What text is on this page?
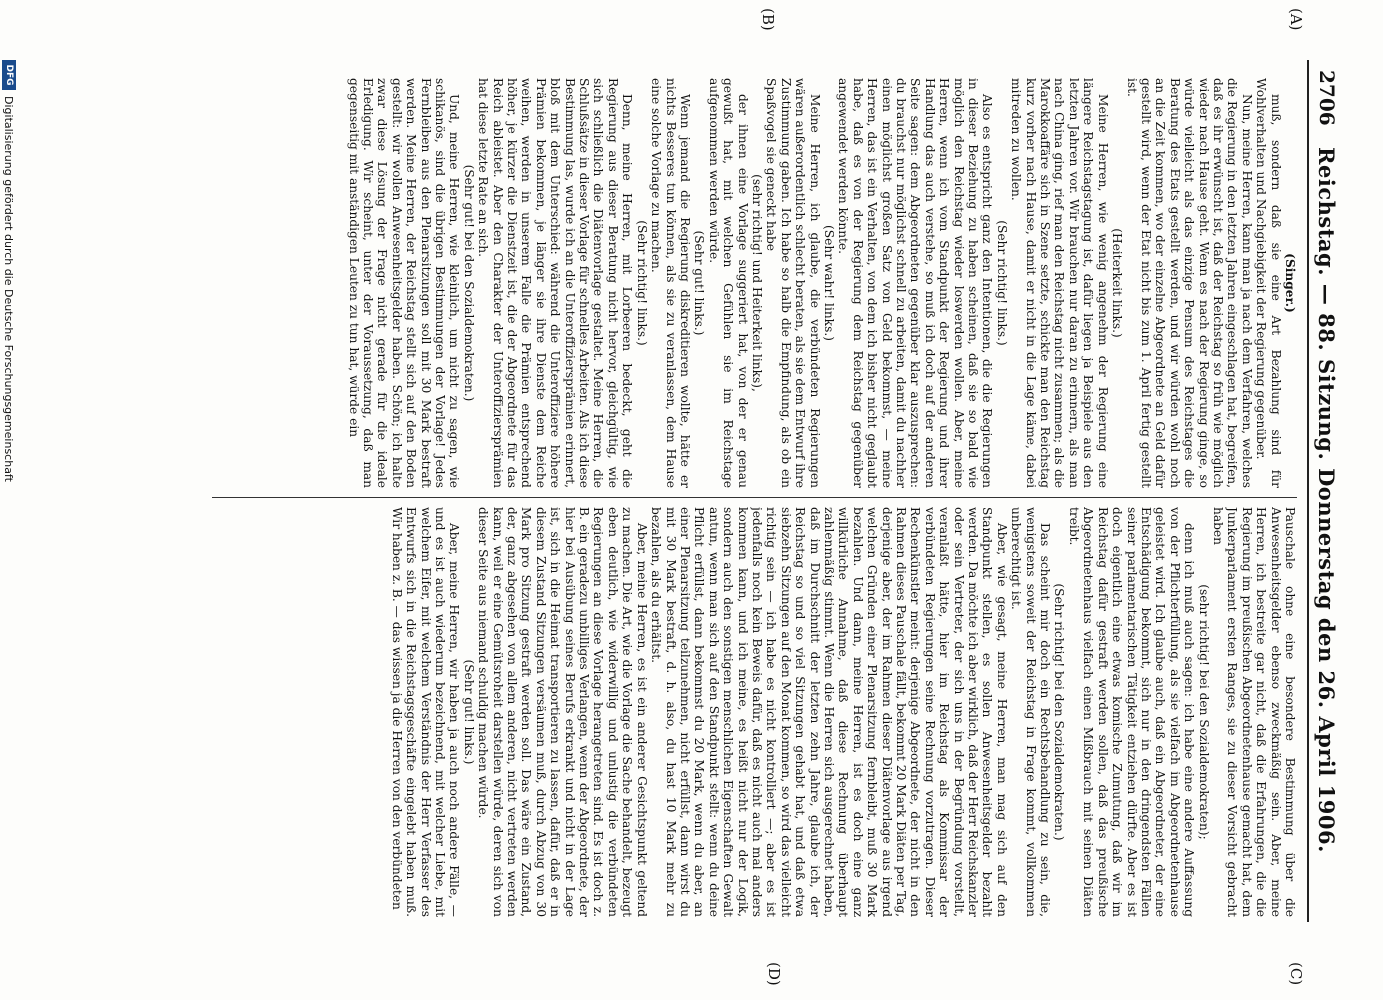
2706
Reichstag. — 88. Sitzung. Donnerstag den 26. April 1906.
(C)
(A)
(D)
(B)

(Singer.)

muß, sondern daß sie eine Art Bezahlung sind für Wohlverhalten und Nachgiebigkeit der Regierung gegenüber.

Nun, meine Herren, kann man ja nach dem Verfahren, welches die Regierung in den letzten Jahren eingeschlagen hat, begreifen, daß es ihr erwünscht ist, daß der Reichstag so früh wie möglich wieder nach Hause geht. Wenn es nach der Regierung ginge, so würde vielleicht als das einzige Pensum des Reichstages die Beratung des Etats gestellt werden, und wir würden wohl noch an die Zeit kommen, wo der einzelne Abgeordnete an Geld dafür gestellt wird, wenn der Etat nicht bis zum 1. April fertig gestellt ist.

(Heiterkeit links.)

Meine Herren, wie wenig angenehm der Regierung eine längere Reichstagstagung ist, dafür liegen ja Beispiele aus den letzten Jahren vor. Wir brauchen nur daran zu erinnern, als man nach China ging, rief man den Reichstag nicht zusammen; als die Marokkoaffäre sich in Szene setzte, schickte man den Reichstag kurz vorher nach Hause, damit er nicht in die Lage käme, dabei mitreden zu wollen.

(Sehr richtig! links.)

Also es entspricht ganz den Intentionen, die die Regierungen in dieser Beziehung zu haben scheinen, daß sie so bald wie möglich den Reichstag wieder loswerden wollen. Aber, meine Herren, wenn ich vom Standpunkt der Regierung und ihrer Handlung das auch verstehe, so muß ich doch auf der anderen Seite sagen: dem Abgeordneten gegenüber klar auszusprechen: du brauchst nur möglichst schnell zu arbeiten, damit du nachher einen möglichst großen Satz von Geld bekommst, — meine Herren, das ist ein Verhalten, von dem ich bisher nicht geglaubt habe, daß es von der Regierung dem Reichstag gegenüber angewendet werden könnte.

(Sehr wahr! links.)

Meine Herren, ich glaube, die verbündeten Regierungen wären außerordentlich schlecht beraten, als sie dem Entwurf ihre Zustimmung gaben. Ich habe so halb die Empfindung, als ob ein Spaßvogel sie geneckt habe

(sehr richtig! und Heiterkeit links),

der ihnen eine Vorlage suggeriert hat, von der er genau gewußt hat, mit welchen Gefühlen sie im Reichstage aufgenommen werden würde.

(Sehr gut! links.)

Wenn jemand die Regierung diskreditieren wollte, hätte er nichts Besseres tun können, als sie zu veranlassen, dem Hause eine solche Vorlage zu machen.

(Sehr richtig! links.)

Denn, meine Herren, mit Lorbeeren bedeckt, geht die Regierung aus dieser Beratung nicht hervor, gleichgültig, wie sich schließlich die Diätenvorlage gestaltet. Meine Herren, die Schlußsätze in dieser Vorlage für schnelles Arbeiten. Als ich diese Bestimmung las, wurde ich an die Unteroffiziersprämien erinnert, bloß mit dem Unterschied: während die Unteroffiziere höhere Prämien bekommen, je länger sie ihre Dienste dem Reiche weihen, werden in unserem Falle die Prämien entsprechend höher, je kürzer die Dienstzeit ist, die der Abgeordnete für das Reich ableistet. Aber den Charakter der Unteroffiziersprämien hat diese letzte Rate an sich.

(Sehr gut! bei den Sozialdemokraten.)

Und, meine Herren, wie kleinlich, um nicht zu sagen, wie schikanös, sind die übrigen Bestimmungen der Vorlage! Jedes Fernbleiben aus den Plenarsitzungen soll mit 30 Mark bestraft werden. Meine Herren, der Reichstag stellt sich auf den Boden gestellt: wir wollen Anwesenheitsgelder haben. Schön; ich halte zwar diese Lösung der Frage nicht gerade für die ideale Erledigung. Wir scheint, unter der Voraussetzung, daß man gegenseitig mit anständigen Leuten zu tun hat, würde ein

Pauschale ohne eine besondere Bestimmung über die Anwesenheitsgelder ebenso zweckmäßig sein. Aber, meine Herren, ich bestreite gar nicht, daß die Erfahrungen, die die Regierung im preußischen Abgeordnetenhause gemacht hat, dem Junkerparlament ersten Ranges, sie zu dieser Vorsicht gebracht haben

(sehr richtig! bei den Sozialdemokraten);

denn ich muß auch sagen: ich habe eine andere Auffassung von der Pflichterfüllung, als sie vielfach im Abgeordnetenhause geleistet wird. Ich glaube auch, daß ein Abgeordneter, der eine Entschädigung bekommt, sich nur in den dringendsten Fällen seiner parlamentarischen Tätigkeit entziehen dürfte. Aber es ist doch eigentlich eine etwas komische Zumutung, daß wir im Reichstag dafür gestraft werden sollen, daß das preußische Abgeordnetenhaus vielfach einen Mißbrauch mit seinen Diäten treibt.

(Sehr richtig! bei den Sozialdemokraten.)

Das scheint mir doch ein Rechtsbehandlung zu sein, die, wenigstens soweit der Reichstag in Frage kommt, vollkommen unberechtigt ist.

Aber, wie gesagt, meine Herren, man mag sich auf den Standpunkt stellen, es sollen Anwesenheitsgelder bezahlt werden. Da möchte ich aber wirklich, daß der Herr Reichskanzler oder sein Vertreter, der sich uns in der Begründung vorstellt, veranlaßt hätte, hier im Reichstag als Kommissar der verbündeten Regierungen seine Rechnung vorzutragen. Dieser Rechenkünstler meint: derjenige Abgeordnete, der nicht in den Rahmen dieses Pauschale fällt, bekommt 20 Mark Diäten per Tag, derjenige aber, der im Rahmen dieser Diätenvorlage aus irgend welchen Gründen einer Plenarsitzung fernbleibt, muß 30 Mark bezahlen. Und dann, meine Herren, ist es doch eine ganz willkürliche Annahme, daß diese Rechnung überhaupt zahlenmäßig stimmt. Wenn die Herren sich ausgerechnet haben, daß im Durchschnitt der letzten zehn Jahre, glaube ich, der Reichstag so und so viel Sitzungen gehabt hat, und daß etwa siebzehn Sitzungen auf den Monat kommen, so wird das vielleicht richtig sein — ich habe es nicht kontrolliert —; aber es ist jedenfalls noch kein Beweis dafür, daß es nicht auch mal anders kommen kann, und ich meine, es heißt nicht nur der Logik, sondern auch den sonstigen menschlichen Eigenschaften Gewalt antun, wenn man sich auf den Standpunkt stellt: wenn du deine Pflicht erfüllst, dann bekommst du 20 Mark, wenn du aber, an einer Plenarsitzung teilzunehmen, nicht erfüllst, dann wirst du mit 30 Mark bestraft, d. h. also, du hast 10 Mark mehr zu bezahlen, als du erhältst.

Aber, meine Herren, es ist ein anderer Gesichtspunkt geltend zu machen. Die Art, wie die Vorlage die Sache behandelt, bezeugt eben deutlich, wie widerwillig und unlustig die verbündeten Regierungen an diese Vorlage herangetreten sind. Es ist doch z. B. ein geradezu unbilliges Verlangen, wenn der Abgeordnete, der hier bei Ausübung seines Berufs erkrankt und nicht in der Lage ist, sich in die Heimat transportieren zu lassen, dafür, daß er in diesem Zustand Sitzungen versäumen muß, durch Abzug von 30 Mark pro Sitzung gestraft werden soll. Das wäre ein Zustand, der, ganz abgesehen von allem anderen, nicht vertreten werden kann, weil er eine Gemütsroheit darstellen würde, deren sich von dieser Seite aus niemand schuldig machen würde.

(Sehr gut! links.)

Aber, meine Herren, wir haben ja auch noch andere Fälle, — und es ist auch wiederum bezeichnend, mit welcher Liebe, mit welchem Eifer, mit welchem Verständnis der Herr Verfasser des Entwurfs sich in die Reichstagsgeschäfte eingelebt haben muß. Wir haben z. B. — das wissen ja die Herren von den verbündeten

DFG
Digitalisierung gefördert durch die Deutsche Forschungsgemeinschaft
